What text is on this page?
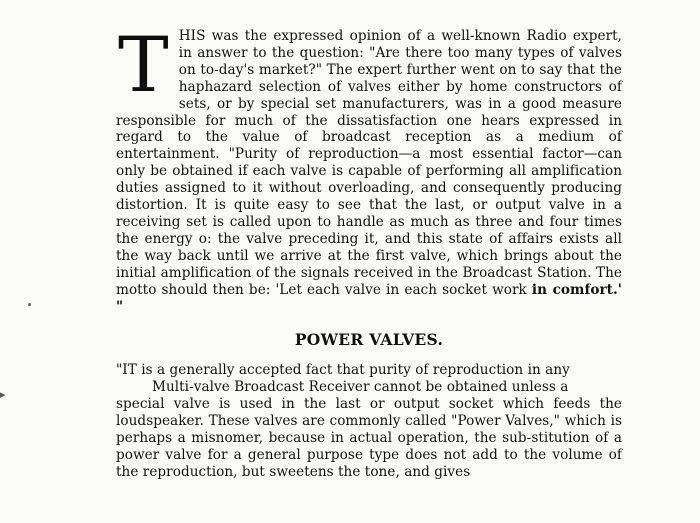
▸

THIS was the expressed opinion of a well-known Radio expert, in answer to the question: "Are there too many types of valves on to-day's market?" The expert further went on to say that the haphazard selection of valves either by home constructors of sets, or by special set manufacturers, was in a good measure responsible for much of the dissatisfaction one hears expressed in regard to the value of broadcast reception as a medium of entertainment. "Purity of reproduction—a most essential factor—can only be obtained if each valve is capable of performing all amplification duties assigned to it without overloading, and consequently producing distortion. It is quite easy to see that the last, or output valve in a receiving set is called upon to handle as much as three and four times the energy o: the valve preceding it, and this state of affairs exists all the way back until we arrive at the first valve, which brings about the initial amplification of the signals received in the Broadcast Station. The motto should then be: 'Let each valve in each socket work in comfort.' "

POWER VALVES.

"IT is a generally accepted fact that purity of reproduction in any
Multi-valve Broadcast Receiver cannot be obtained unless a
special valve is used in the last or output socket which feeds the loudspeaker. These valves are commonly called "Power Valves," which is perhaps a misnomer, because in actual operation, the sub-stitution of a power valve for a general purpose type does not add to the volume of the reproduction, but sweetens the tone, and gives
